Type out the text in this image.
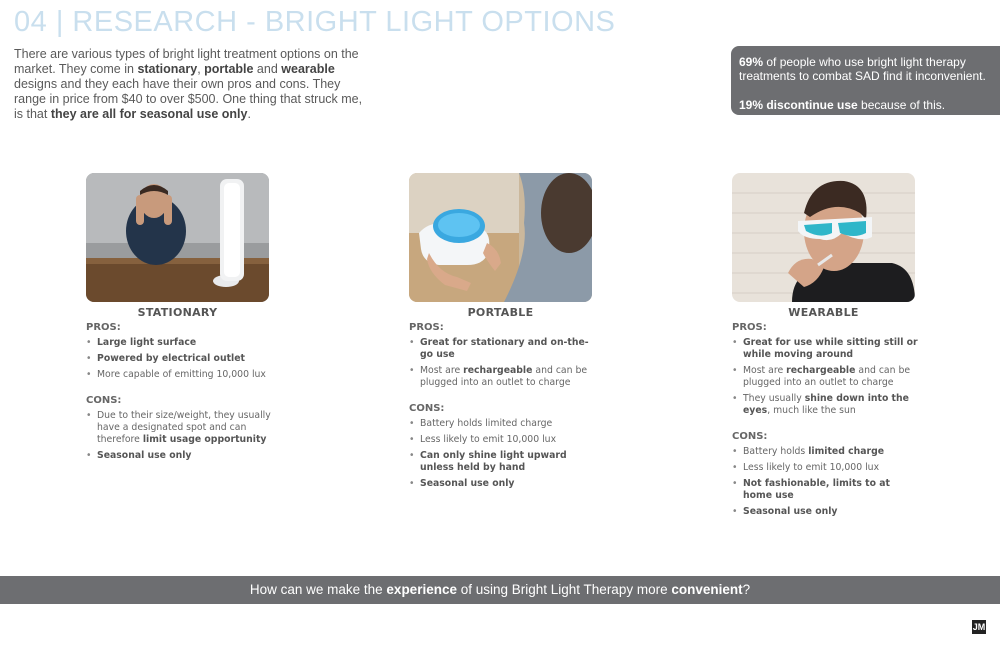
04 | RESEARCH - BRIGHT LIGHT OPTIONS

There are various types of bright light treatment options on the market. They come in stationary, portable and wearable designs and they each have their own pros and cons. They range in price from $40 to over $500. One thing that struck me, is that they are all for seasonal use only.

69% of people who use bright light therapy treatments to combat SAD find it inconvenient.

19% discontinue use because of this.

STATIONARY
PROS:
• Large light surface
• Powered by electrical outlet
• More capable of emitting 10,000 lux
CONS:
• Due to their size/weight, they usually have a designated spot and can therefore limit usage opportunity
• Seasonal use only
PORTABLE
PROS:
• Great for stationary and on-the-go use
• Most are rechargeable and can be plugged into an outlet to charge
CONS:
• Battery holds limited charge
• Less likely to emit 10,000 lux
• Can only shine light upward unless held by hand
• Seasonal use only
WEARABLE
PROS:
• Great for use while sitting still or while moving around
• Most are rechargeable and can be plugged into an outlet to charge
• They usually shine down into the eyes, much like the sun
CONS:
• Battery holds limited charge
• Less likely to emit 10,000 lux
• Not fashionable, limits to at home use
• Seasonal use only
How can we make the experience of using Bright Light Therapy more convenient?
JM
